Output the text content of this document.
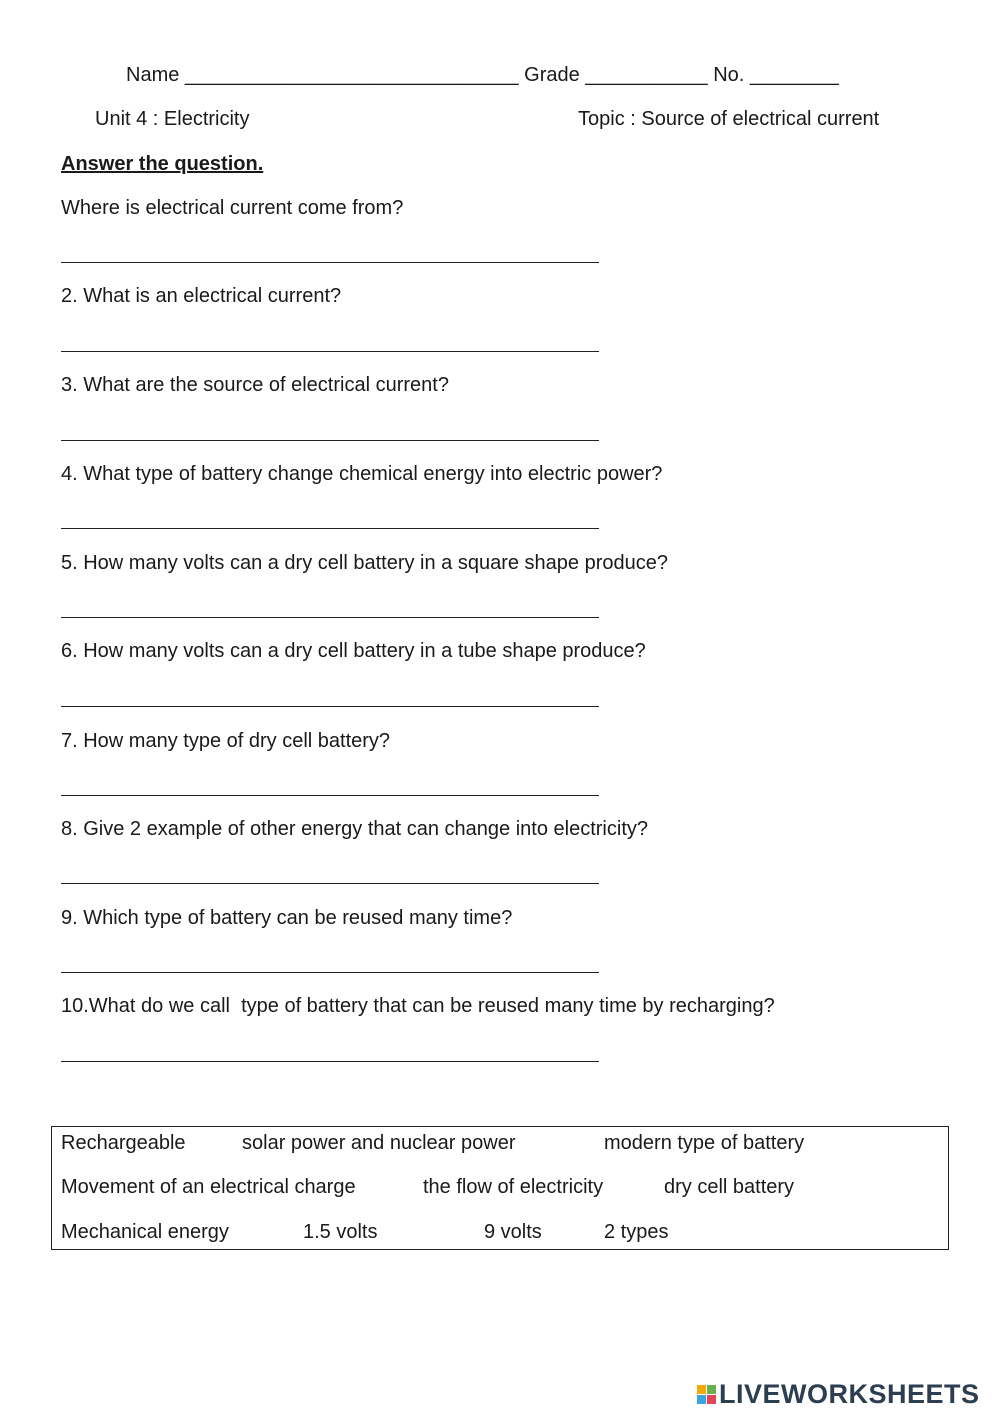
Name ______________________________ Grade ___________ No. ________
Unit 4 : Electricity	Topic : Source of electrical current
Answer the question.
Where is electrical current come from?
2. What is an electrical current?
3. What are the source of electrical current?
4. What type of battery change chemical energy into electric power?
5. How many volts can a dry cell battery in a square shape produce?
6. How many volts can a dry cell battery in a tube shape produce?
7. How many type of dry cell battery?
8. Give 2 example of other energy that can change into electricity?
9. Which type of battery can be reused many time?
10.What do we call  type of battery that can be reused many time by recharging?
Rechargeable	solar power and nuclear power	modern type of battery
Movement of an electrical charge	the flow of electricity	dry cell battery
Mechanical energy	1.5 volts	9 volts	2 types
LIVEWORKSHEETS
